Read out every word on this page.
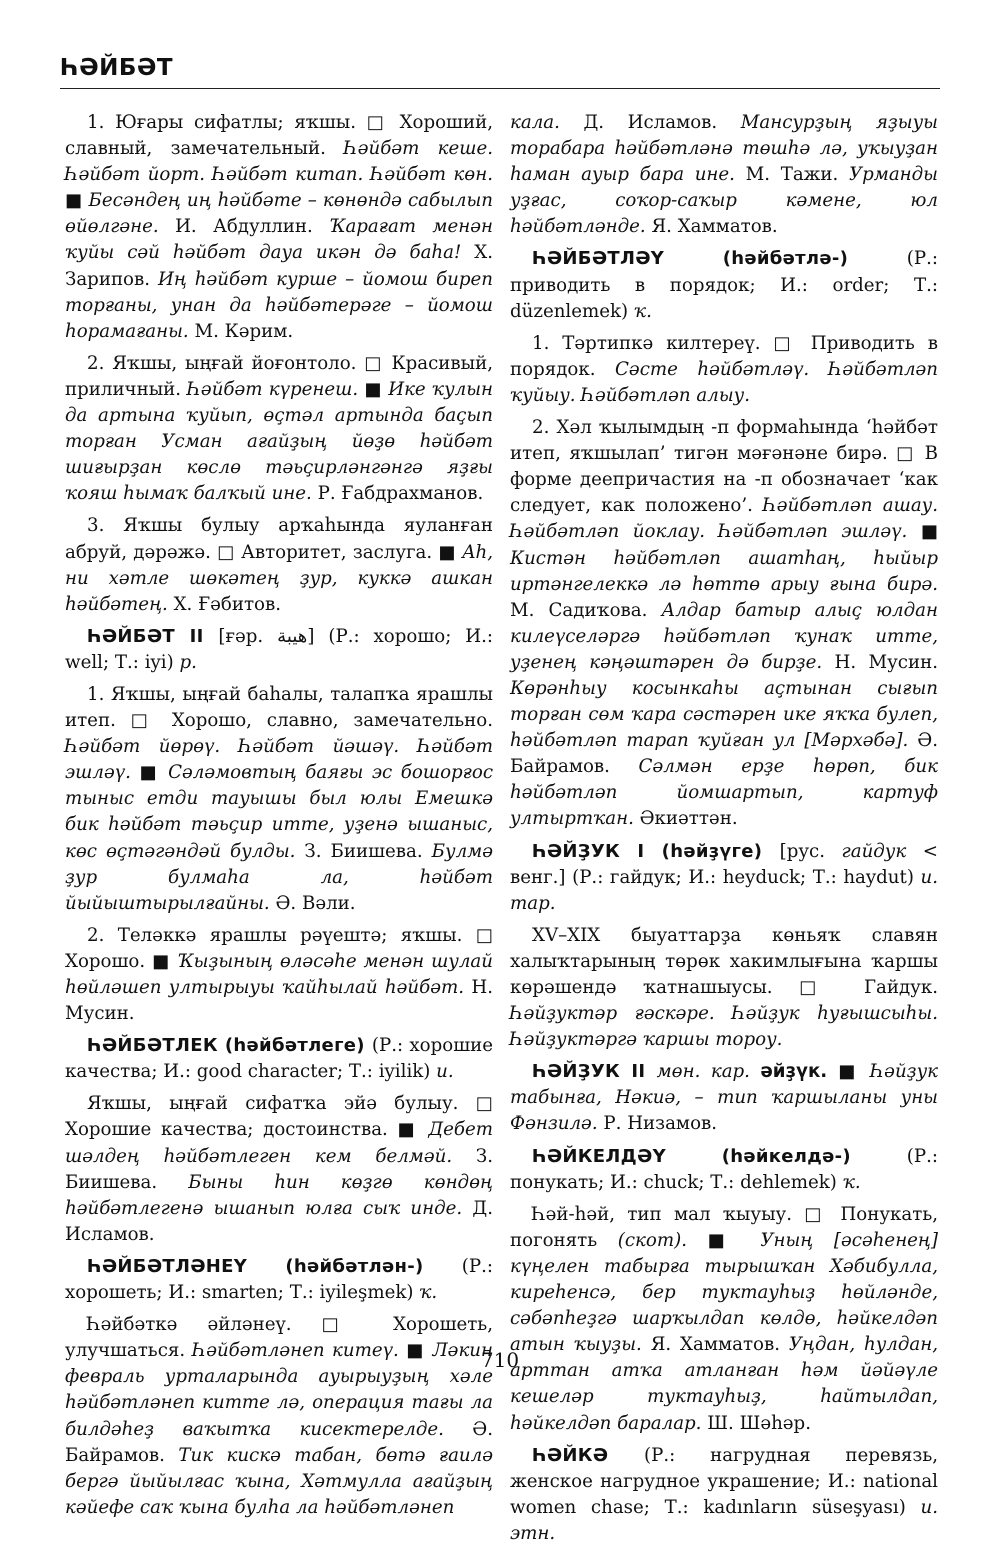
ҺӘЙБӘТ

1. Юғары сифатлы; яҡшы. □ Хороший, славный, замечательный. Һәйбәт кеше. Һәйбәт йорт. Һәйбәт китап. Һәйбәт көн. ■ Бесәндең иң һәйбәте – көнөндә сабылып өйөлгәне. И. Абдуллин. Ҡарағат менән ҡуйы сәй һәйбәт дауа икән дә баһа! Х. Зарипов. Иң һәйбәт курше – йомош биреп торғаны, унан да һәйбәтерәге – йомош һорамағаны. М. Кәрим.

2. Яҡшы, ыңғай йоғонтоло. □ Красивый, приличный. Һәйбәт күренеш. ■ Ике ҡулын да артына ҡуйып, өҫтәл артында баҫып торған Усман ағайҙың йөҙө һәйбәт шиғырҙан көслө тәьҫирләнгәнгә яҙғы ҡояш һымаҡ балҡый ине. Р. Ғабдрахманов.

3. Яҡшы булыу арҡаһында яуланған абруй, дәрәжә. □ Авторитет, заслуга. ■ Ah, ни хәтле шөкәтең ҙур, куккә ашкан һәйбәтең. Х. Ғәбитов.

ҺӘЙБӘТ II [ғәр. هيبة] (Р.: хорошо; И.: well; Т.: iyi) р.

1. Яҡшы, ыңғай баһалы, талапҡа ярашлы итеп. □ Хорошо, славно, замечательно. Һәйбәт йөрөү. Һәйбәт йәшәү. Һәйбәт эшләү. ■ Сәләмовтың баяғы эс бошорғос тыныс етди тауышы был юлы Емешкә бик һәйбәт тәьҫир итте, уҙенә ышаныс, көс өҫтәгәндәй булды. З. Биишева. Булмә ҙур булмаһа ла, һәйбәт йыйыштырылғайны. Ә. Вәли.

2. Теләккә ярашлы рәүештә; яҡшы. □ Хорошо. ■ Ҡыҙының өләсәһе менән шулай һөйләшеп ултырыуы ҡайһылай һәйбәт. Н. Мусин.

ҺӘЙБӘТЛЕК (һәйбәтлеге) (Р.: хорошие качества; И.: good character; Т.: iyilik) и.

Яҡшы, ыңғай сифатҡа эйә булыу. □ Хорошие качества; достоинства. ■ Дебет шәлдең һәйбәтлеген кем белмәй. З. Биишева. Быны һин көҙгө көндөң һәйбәтлегенә ышанып юлға сыҡ инде. Д. Исламов.

ҺӘЙБӘТЛӘНЕҮ (һәйбәтлән-) (Р.: хорошеть; И.: smarten; Т.: iyileşmek) ҡ.

Һәйбәткә әйләнеү. □ Хорошеть, улучшаться. Һәйбәтләнеп китеү. ■ Ләкин февраль урталарында ауырыуҙың хәле һәйбәтләнеп китте лә, операция тағы ла билдәһеҙ ваҡытҡа кисектерелде. Ә. Байрамов. Тик кискә табан, бөтә ғаилә бергә йыйылғас ҡына, Хәтмулла ағайҙың кәйефе саҡ ҡына булһа ла һәйбәтләнеп

кала. Д. Исламов. Мансурҙың яҙыуы торабара һәйбәтләнә төшһә лә, уҡыуҙан һаман ауыр бара ине. М. Тажи. Урманды уҙғас, соҡор-саҡыр кәмене, юл һәйбәтләнде. Я. Хамматов.

ҺӘЙБӘТЛӘҮ (һәйбәтлә-) (Р.: приводить в порядок; И.: order; Т.: düzenlemek) ҡ.

1. Тәртипкә килтереү. □ Приводить в порядок. Сәсте һәйбәтләү. Һәйбәтләп ҡуйыу. Һәйбәтләп алыу.

2. Хәл ҡылымдың -п формаһында ‘һәйбәт итеп, яҡшылап’ тигән мәғәнәне бирә. □ В форме деепричастия на -п обозначает ‘как следует, как положено’. Һәйбәтләп ашау. Һәйбәтләп йоклау. Һәйбәтләп эшләү. ■ Кистән һәйбәтләп ашатһаң, һыйыр иртәнгелеккә лә һөттө арыу ғына бирә. М. Садиҡова. Алдар батыр алыҫ юлдан килеүселәргә һәйбәтләп ҡунаҡ итте, уҙенең кәңәштәрен дә бирҙе. Н. Мусин. Көрәнһыу косынкаһы аҫтынан сығып торған сөм ҡара сәстәрен ике яҡҡа булеп, һәйбәтләп тарап ҡуйған ул [Мәрхәбә]. Ә. Байрамов. Сәлмән ерҙе һөрөп, бик һәйбәтләп йомшартып, картуф ултыртҡан. Әкиәттән.

ҺӘЙҘУК I (һәйҙүге) [рус. гайдук < венг.] (Р.: гайдук; И.: heyduck; Т.: haydut) и. тар.

XV–XIX быуаттарҙа көньяҡ славян халыҡтарының төрөк хакимлығына ҡаршы көрәшендә ҡатнашыусы. □ Гайдук. Һәйҙуктәр ғәскәре. Һәйҙук һуғышсыһы. Һәйҙуктәргә ҡаршы тороу.

ҺӘЙҘУК II мөн. кар. әйҙүк. ■ Һәйҙук табынға, Нәкиә, – тип ҡаршыланы уны Фәнзилә. Р. Низамов.

ҺӘЙКЕЛДӘҮ (һәйкелдә-) (Р.: понукать; И.: chuck; Т.: dehlemek) ҡ.

Һәй-һәй, тип мал ҡыуыу. □ Понукать, погонять (скот). ■ Уның [әсәһенең] күңелен табырға тырышҡан Хәбибулла, киреһенсә, бер туктауһыҙ һөйләнде, сәбәпһеҙгә шарҡылдап көлдө, һәйкелдәп атын ҡыуҙы. Я. Хамматов. Уңдан, һулдан, арттан атҡа атланған һәм йәйәүле кешеләр туктауһыҙ, һайтылдап, һәйкелдәп баралар. Ш. Шәһәр.

ҺӘЙКӘ (Р.: нагрудная перевязь, женское нагрудное украшение; И.: national women chase; Т.: kadınların süseşyası) и. этн.

710
